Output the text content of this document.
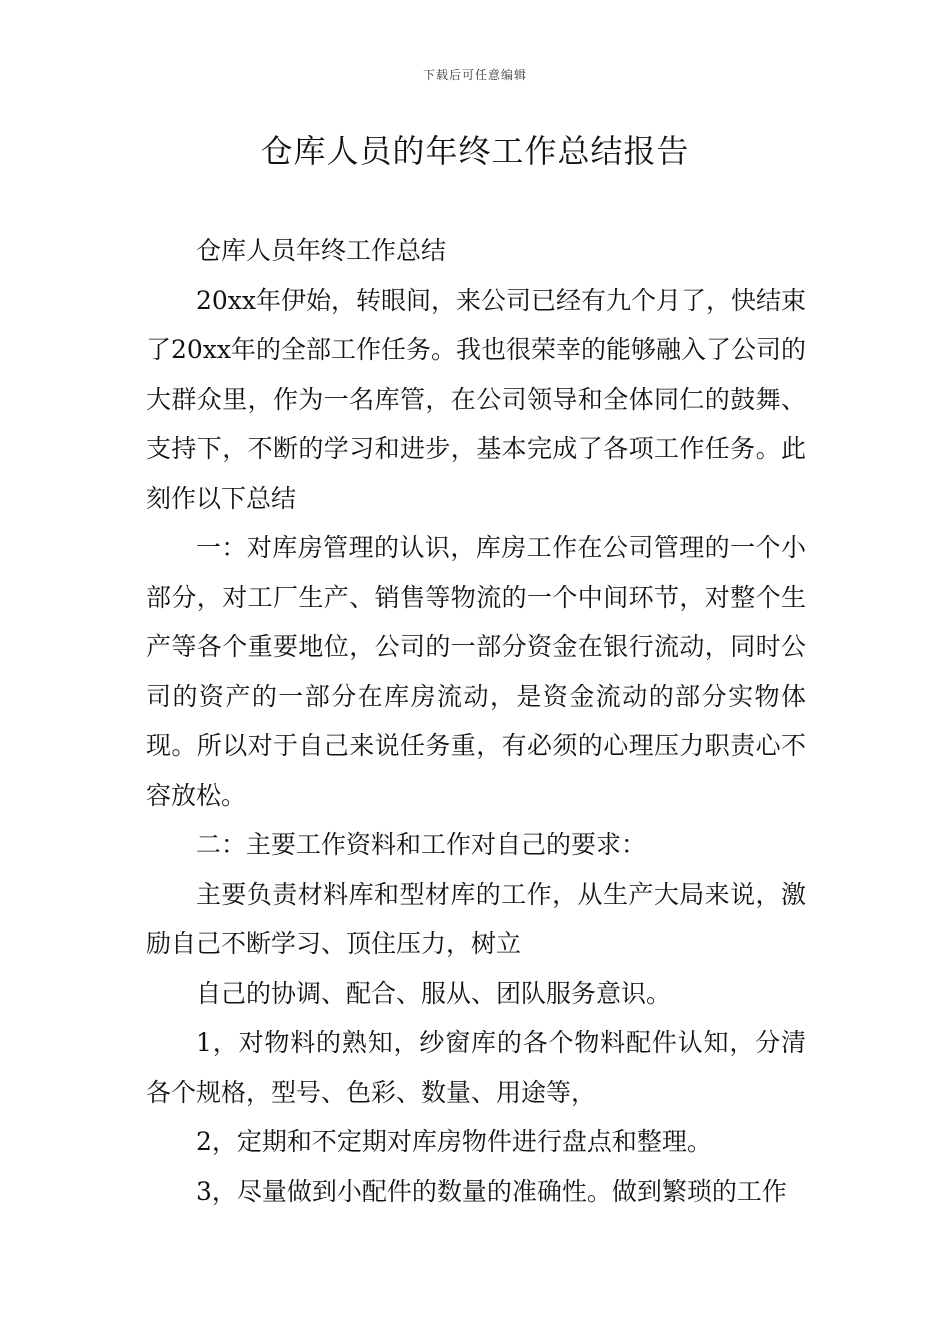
下载后可任意编辑
仓库人员的年终工作总结报告

仓库人员年终工作总结

20xx年伊始，转眼间，来公司已经有九个月了，快结束了20xx年的全部工作任务。我也很荣幸的能够融入了公司的大群众里，作为一名库管，在公司领导和全体同仁的鼓舞、支持下，不断的学习和进步，基本完成了各项工作任务。此刻作以下总结

一：对库房管理的认识，库房工作在公司管理的一个小部分，对工厂生产、销售等物流的一个中间环节，对整个生产等各个重要地位，公司的一部分资金在银行流动，同时公司的资产的一部分在库房流动，是资金流动的部分实物体现。所以对于自己来说任务重，有必须的心理压力职责心不容放松。

二：主要工作资料和工作对自己的要求：

主要负责材料库和型材库的工作，从生产大局来说，激励自己不断学习、顶住压力，树立

自己的协调、配合、服从、团队服务意识。

1，对物料的熟知，纱窗库的各个物料配件认知，分清各个规格，型号、色彩、数量、用途等，

2，定期和不定期对库房物件进行盘点和整理。

3，尽量做到小配件的数量的准确性。做到繁琐的工作
